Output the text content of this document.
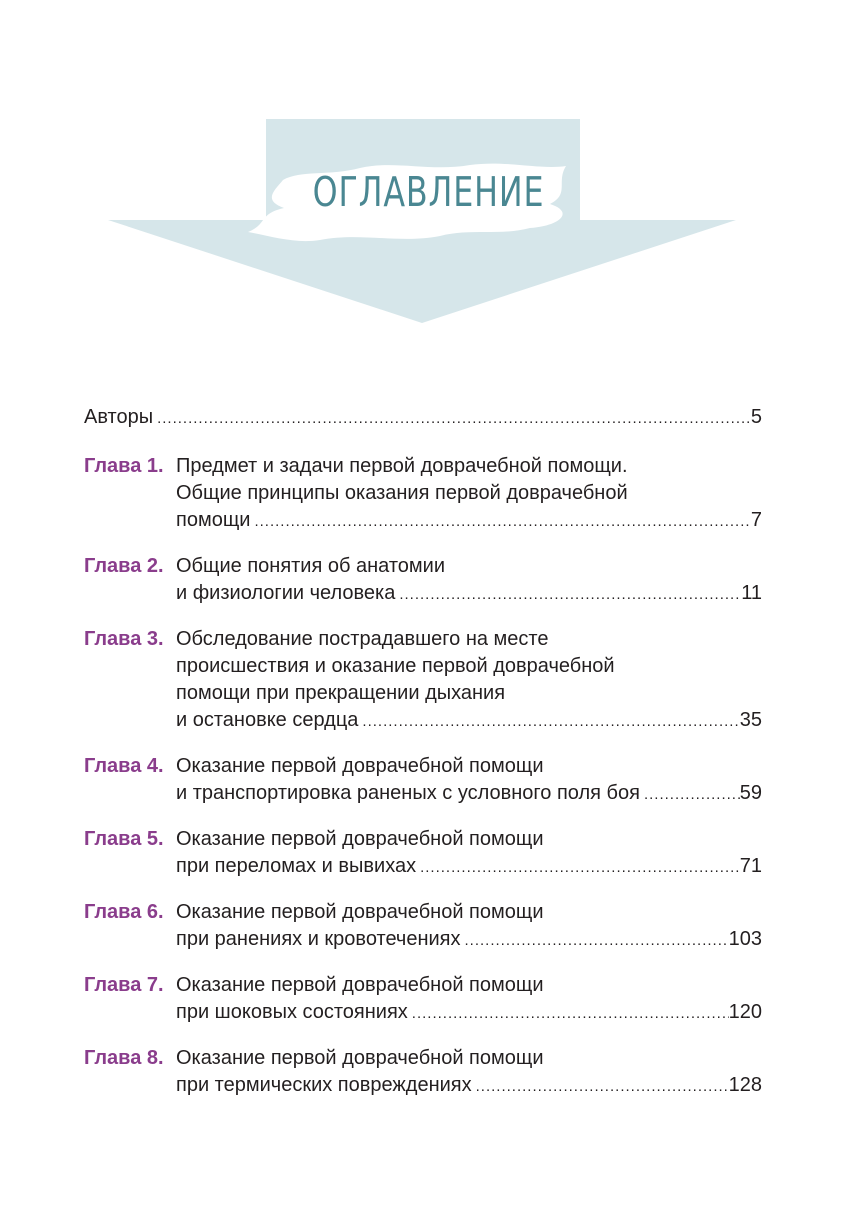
ОГЛАВЛЕНИЕ
Авторы .....	5
Глава 1. Предмет и задачи первой доврачебной помощи.
Общие принципы оказания первой доврачебной
помощи .....	7
Глава 2. Общие понятия об анатомии
и физиологии человека .....	11
Глава 3. Обследование пострадавшего на месте
происшествия и оказание первой доврачебной
помощи при прекращении дыхания
и остановке сердца .....	35
Глава 4. Оказание первой доврачебной помощи
и транспортировка раненых с условного поля боя .....	59
Глава 5. Оказание первой доврачебной помощи
при переломах и вывихах .....	71
Глава 6. Оказание первой доврачебной помощи
при ранениях и кровотечениях .....	103
Глава 7. Оказание первой доврачебной помощи
при шоковых состояниях .....	120
Глава 8. Оказание первой доврачебной помощи
при термических повреждениях .....	128
